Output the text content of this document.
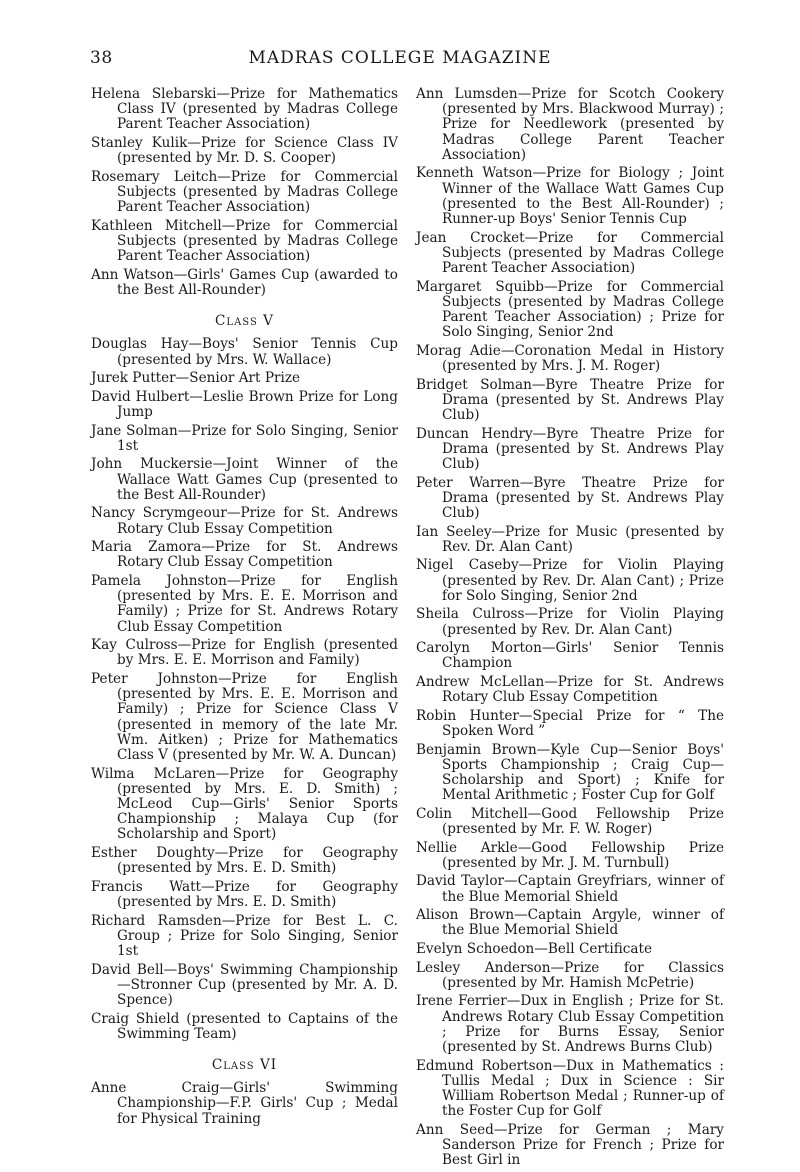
38	MADRAS COLLEGE MAGAZINE

Helena Slebarski—Prize for Mathematics Class IV (presented by Madras College Parent Teacher Association)

Stanley Kulik—Prize for Science Class IV (presented by Mr. D. S. Cooper)

Rosemary Leitch—Prize for Commercial Subjects (presented by Madras College Parent Teacher Association)

Kathleen Mitchell—Prize for Commercial Subjects (presented by Madras College Parent Teacher Association)

Ann Watson—Girls' Games Cup (awarded to the Best All-Rounder)

Class V

Douglas Hay—Boys' Senior Tennis Cup (presented by Mrs. W. Wallace)

Jurek Putter—Senior Art Prize

David Hulbert—Leslie Brown Prize for Long Jump

Jane Solman—Prize for Solo Singing, Senior 1st

John Muckersie—Joint Winner of the Wallace Watt Games Cup (presented to the Best All-Rounder)

Nancy Scrymgeour—Prize for St. Andrews Rotary Club Essay Competition

Maria Zamora—Prize for St. Andrews Rotary Club Essay Competition

Pamela Johnston—Prize for English (presented by Mrs. E. E. Morrison and Family) ; Prize for St. Andrews Rotary Club Essay Competition

Kay Culross—Prize for English (presented by Mrs. E. E. Morrison and Family)

Peter Johnston—Prize for English (presented by Mrs. E. E. Morrison and Family) ; Prize for Science Class V (presented in memory of the late Mr. Wm. Aitken) ; Prize for Mathematics Class V (presented by Mr. W. A. Duncan)

Wilma McLaren—Prize for Geography (presented by Mrs. E. D. Smith) ; McLeod Cup—Girls' Senior Sports Championship ; Malaya Cup (for Scholarship and Sport)

Esther Doughty—Prize for Geography (presented by Mrs. E. D. Smith)

Francis Watt—Prize for Geography (presented by Mrs. E. D. Smith)

Richard Ramsden—Prize for Best L. C. Group ; Prize for Solo Singing, Senior 1st

David Bell—Boys' Swimming Championship—Stronner Cup (presented by Mr. A. D. Spence)

Craig Shield (presented to Captains of the Swimming Team)

Class VI

Anne Craig—Girls' Swimming Championship—F.P. Girls' Cup ; Medal for Physical Training

Ann Lumsden—Prize for Scotch Cookery (presented by Mrs. Blackwood Murray) ; Prize for Needlework (presented by Madras College Parent Teacher Association)

Kenneth Watson—Prize for Biology ; Joint Winner of the Wallace Watt Games Cup (presented to the Best All-Rounder) ; Runner-up Boys' Senior Tennis Cup

Jean Crocket—Prize for Commercial Subjects (presented by Madras College Parent Teacher Association)

Margaret Squibb—Prize for Commercial Subjects (presented by Madras College Parent Teacher Association) ; Prize for Solo Singing, Senior 2nd

Morag Adie—Coronation Medal in History (presented by Mrs. J. M. Roger)

Bridget Solman—Byre Theatre Prize for Drama (presented by St. Andrews Play Club)

Duncan Hendry—Byre Theatre Prize for Drama (presented by St. Andrews Play Club)

Peter Warren—Byre Theatre Prize for Drama (presented by St. Andrews Play Club)

Ian Seeley—Prize for Music (presented by Rev. Dr. Alan Cant)

Nigel Caseby—Prize for Violin Playing (presented by Rev. Dr. Alan Cant) ; Prize for Solo Singing, Senior 2nd

Sheila Culross—Prize for Violin Playing (presented by Rev. Dr. Alan Cant)

Carolyn Morton—Girls' Senior Tennis Champion

Andrew McLellan—Prize for St. Andrews Rotary Club Essay Competition

Robin Hunter—Special Prize for “ The Spoken Word ”

Benjamin Brown—Kyle Cup—Senior Boys' Sports Championship ; Craig Cup—Scholarship and Sport) ; Knife for Mental Arithmetic ; Foster Cup for Golf

Colin Mitchell—Good Fellowship Prize (presented by Mr. F. W. Roger)

Nellie Arkle—Good Fellowship Prize (presented by Mr. J. M. Turnbull)

David Taylor—Captain Greyfriars, winner of the Blue Memorial Shield

Alison Brown—Captain Argyle, winner of the Blue Memorial Shield

Evelyn Schoedon—Bell Certificate

Lesley Anderson—Prize for Classics (presented by Mr. Hamish McPetrie)

Irene Ferrier—Dux in English ; Prize for St. Andrews Rotary Club Essay Competition ; Prize for Burns Essay, Senior (presented by St. Andrews Burns Club)

Edmund Robertson—Dux in Mathematics : Tullis Medal ; Dux in Science : Sir William Robertson Medal ; Runner-up of the Foster Cup for Golf

Ann Seed—Prize for German ; Mary Sanderson Prize for French ; Prize for Best Girl in
